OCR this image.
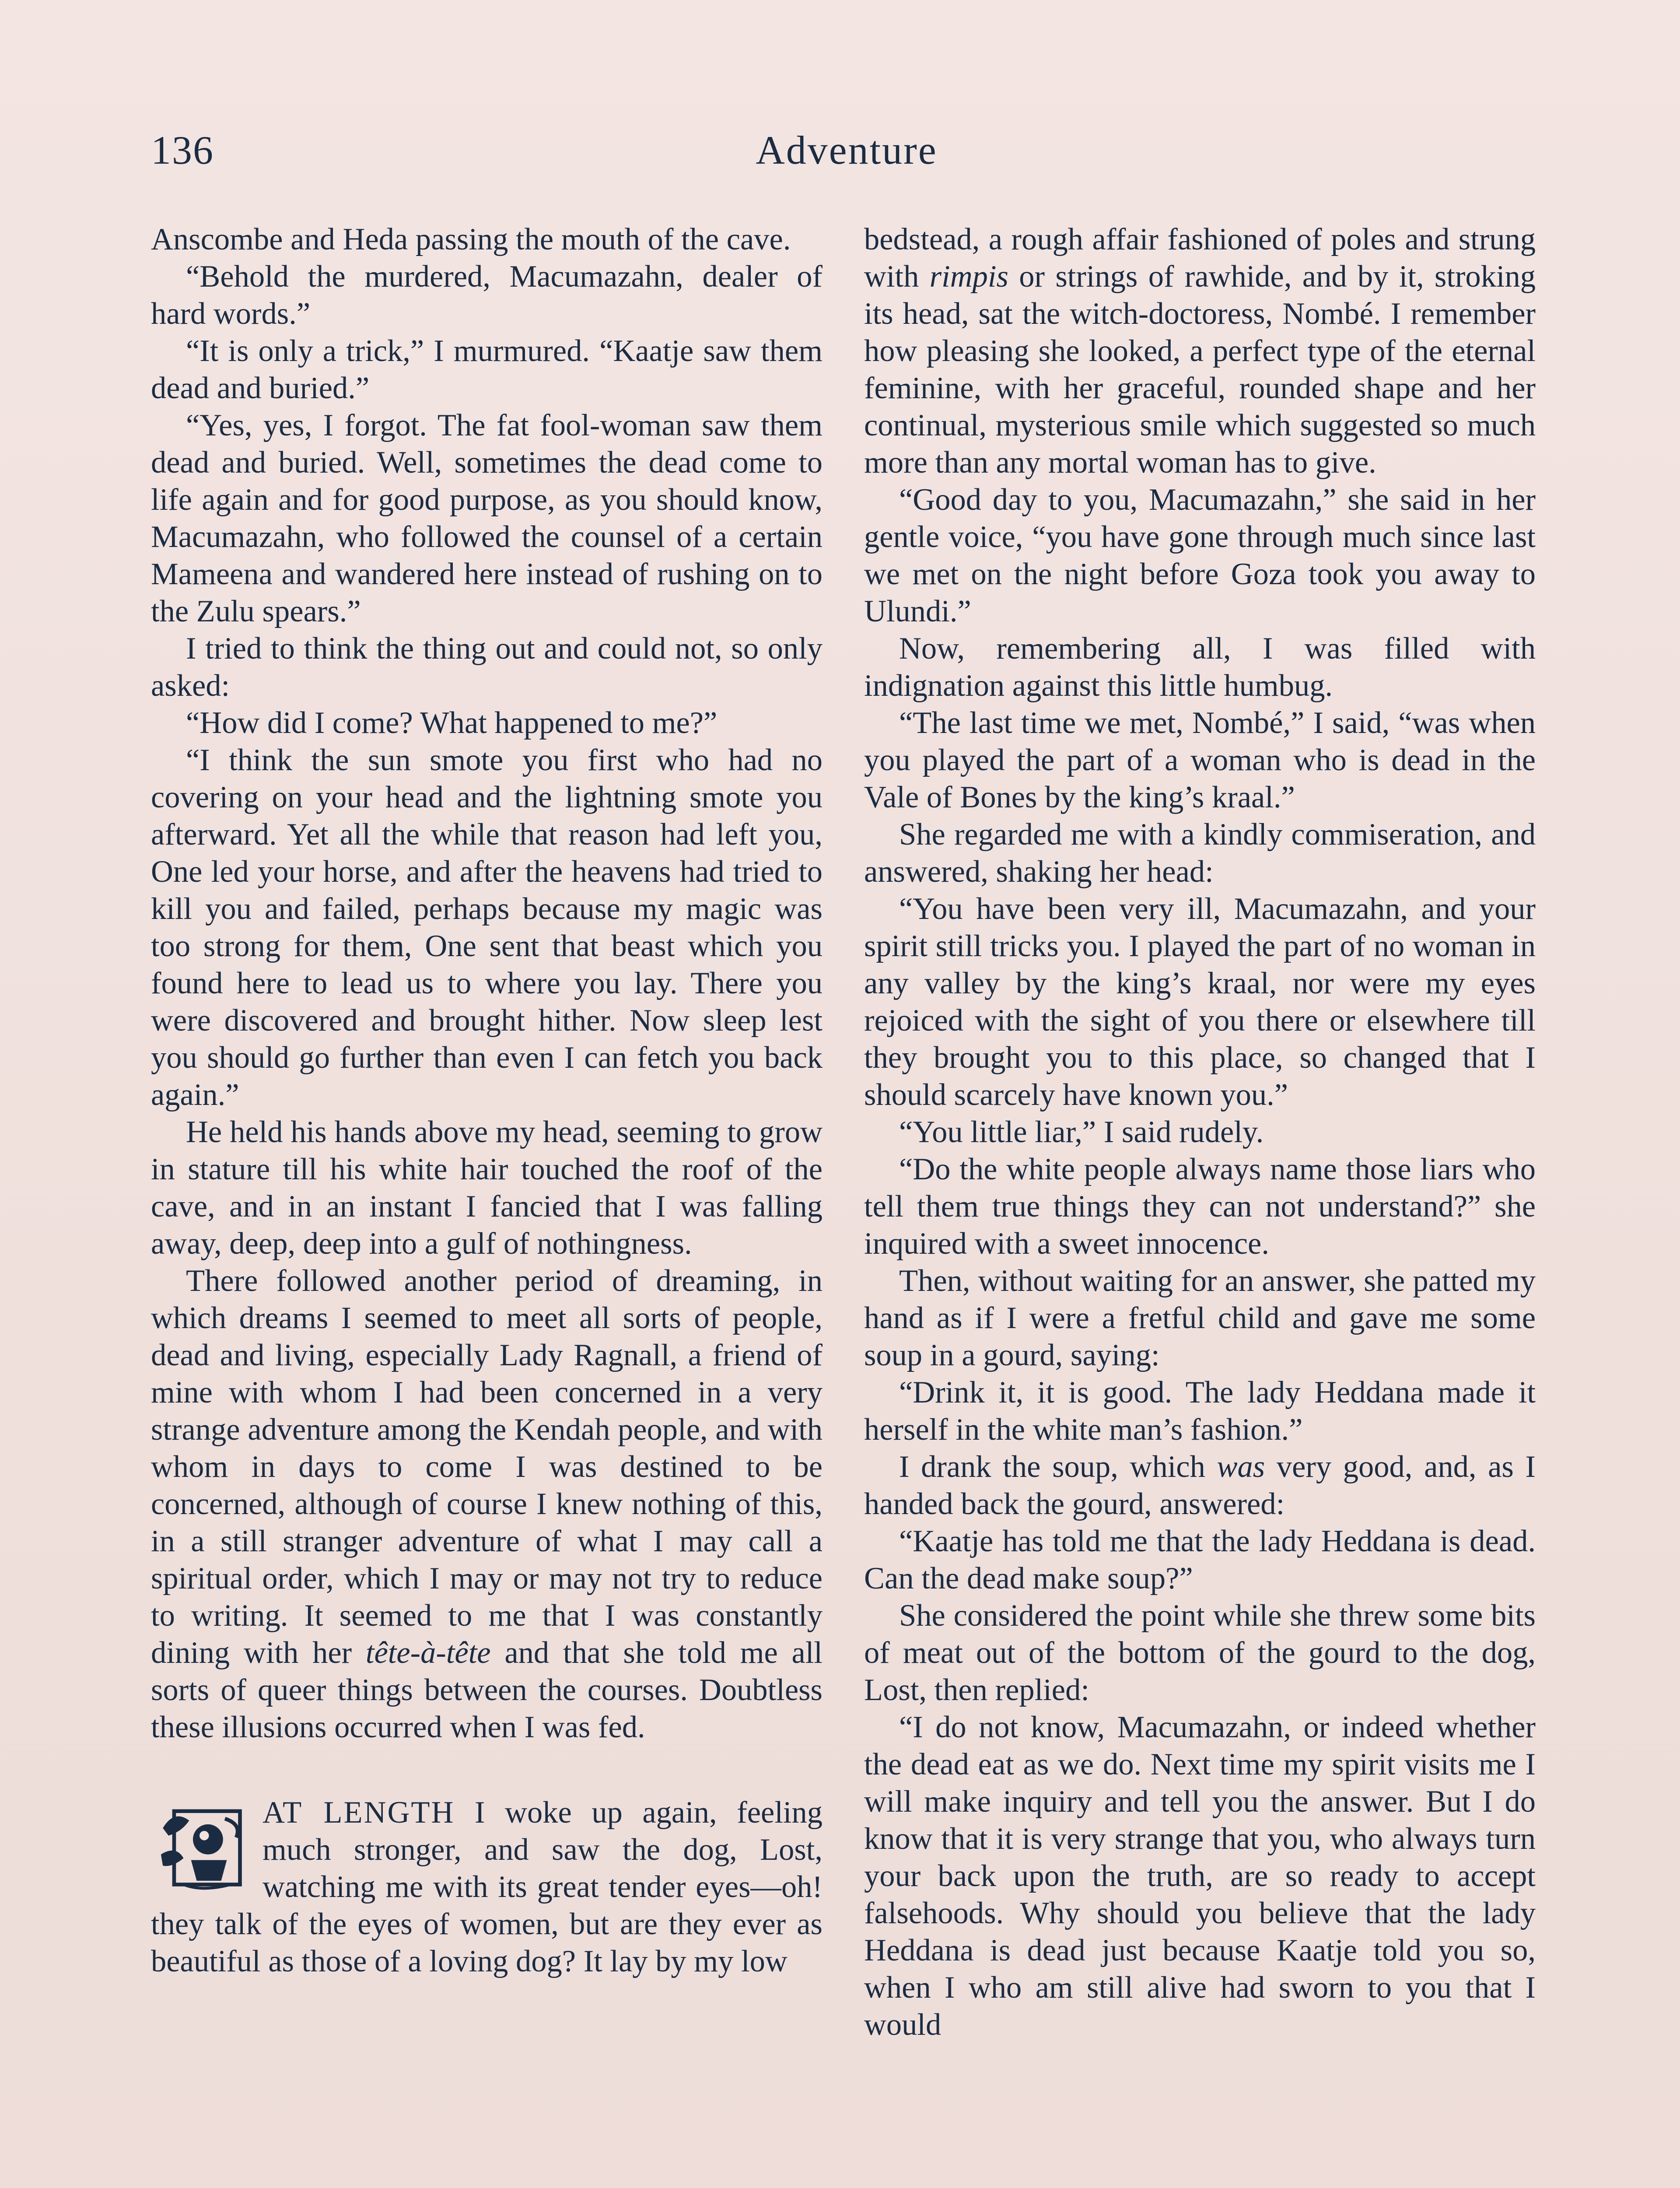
136	Adventure

Anscombe and Heda passing the mouth of the cave.

“Behold the murdered, Macumazahn, dealer of hard words.”

“It is only a trick,” I murmured. “Kaatje saw them dead and buried.”

“Yes, yes, I forgot. The fat fool-woman saw them dead and buried. Well, sometimes the dead come to life again and for good purpose, as you should know, Macumazahn, who followed the counsel of a certain Mameena and wandered here instead of rushing on to the Zulu spears.”

I tried to think the thing out and could not, so only asked:

“How did I come? What happened to me?”

“I think the sun smote you first who had no covering on your head and the lightning smote you afterward. Yet all the while that reason had left you, One led your horse, and after the heavens had tried to kill you and failed, perhaps because my magic was too strong for them, One sent that beast which you found here to lead us to where you lay. There you were discovered and brought hither. Now sleep lest you should go further than even I can fetch you back again.”

He held his hands above my head, seeming to grow in stature till his white hair touched the roof of the cave, and in an instant I fancied that I was falling away, deep, deep into a gulf of nothingness.

There followed another period of dreaming, in which dreams I seemed to meet all sorts of people, dead and living, especially Lady Ragnall, a friend of mine with whom I had been concerned in a very strange adventure among the Kendah people, and with whom in days to come I was destined to be concerned, although of course I knew nothing of this, in a still stranger adventure of what I may call a spiritual order, which I may or may not try to reduce to writing. It seemed to me that I was constantly dining with her tête-à-tête and that she told me all sorts of queer things between the courses. Doubtless these illusions occurred when I was fed.

AT LENGTH I woke up again, feeling much stronger, and saw the dog, Lost, watching me with its great tender eyes—oh! they talk of the eyes of women, but are they ever as beautiful as those of a loving dog? It lay by my low

bedstead, a rough affair fashioned of poles and strung with rimpis or strings of rawhide, and by it, stroking its head, sat the witch-doctoress, Nombé. I remember how pleasing she looked, a perfect type of the eternal feminine, with her graceful, rounded shape and her continual, mysterious smile which suggested so much more than any mortal woman has to give.

“Good day to you, Macumazahn,” she said in her gentle voice, “you have gone through much since last we met on the night before Goza took you away to Ulundi.”

Now, remembering all, I was filled with indignation against this little humbug.

“The last time we met, Nombé,” I said, “was when you played the part of a woman who is dead in the Vale of Bones by the king’s kraal.”

She regarded me with a kindly commiseration, and answered, shaking her head:

“You have been very ill, Macumazahn, and your spirit still tricks you. I played the part of no woman in any valley by the king’s kraal, nor were my eyes rejoiced with the sight of you there or elsewhere till they brought you to this place, so changed that I should scarcely have known you.”

“You little liar,” I said rudely.

“Do the white people always name those liars who tell them true things they can not understand?” she inquired with a sweet innocence.

Then, without waiting for an answer, she patted my hand as if I were a fretful child and gave me some soup in a gourd, saying:

“Drink it, it is good. The lady Heddana made it herself in the white man’s fashion.”

I drank the soup, which was very good, and, as I handed back the gourd, answered:

“Kaatje has told me that the lady Heddana is dead. Can the dead make soup?”

She considered the point while she threw some bits of meat out of the bottom of the gourd to the dog, Lost, then replied:

“I do not know, Macumazahn, or indeed whether the dead eat as we do. Next time my spirit visits me I will make inquiry and tell you the answer. But I do know that it is very strange that you, who always turn your back upon the truth, are so ready to accept falsehoods. Why should you believe that the lady Heddana is dead just because Kaatje told you so, when I who am still alive had sworn to you that I would
